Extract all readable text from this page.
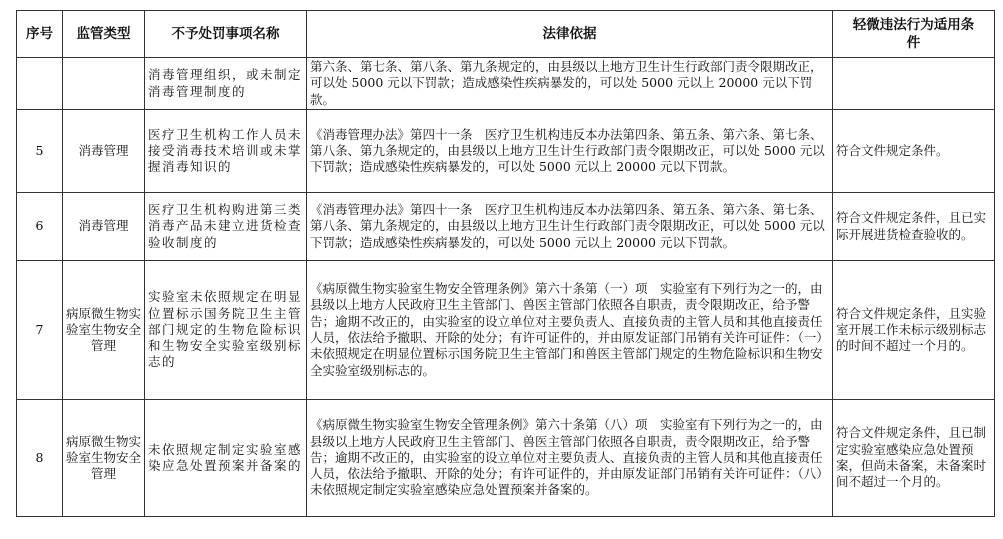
序号	监管类型	不予处罚事项名称	法律依据	轻微违法行为适用条件
		消毒管理组织，或未制定消毒管理制度的	第六条、第七条、第八条、第九条规定的，由县级以上地方卫生计生行政部门责令限期改正，可以处 5000 元以下罚款；造成感染性疾病暴发的，可以处 5000 元以上 20000 元以下罚款。	
5	消毒管理	医疗卫生机构工作人员未接受消毒技术培训或未掌握消毒知识的	《消毒管理办法》第四十一条　医疗卫生机构违反本办法第四条、第五条、第六条、第七条、第八条、第九条规定的，由县级以上地方卫生计生行政部门责令限期改正，可以处 5000 元以下罚款；造成感染性疾病暴发的，可以处 5000 元以上 20000 元以下罚款。	符合文件规定条件。
6	消毒管理	医疗卫生机构购进第三类消毒产品未建立进货检查验收制度的	《消毒管理办法》第四十一条　医疗卫生机构违反本办法第四条、第五条、第六条、第七条、第八条、第九条规定的，由县级以上地方卫生计生行政部门责令限期改正，可以处 5000 元以下罚款；造成感染性疾病暴发的，可以处 5000 元以上 20000 元以下罚款。	符合文件规定条件，且已实际开展进货检查验收的。
7	病原微生物实验室生物安全管理	实验室未依照规定在明显位置标示国务院卫生主管部门规定的生物危险标识和生物安全实验室级别标志的	《病原微生物实验室生物安全管理条例》第六十条第（一）项　实验室有下列行为之一的，由县级以上地方人民政府卫生主管部门、兽医主管部门依照各自职责，责令限期改正，给予警告；逾期不改正的，由实验室的设立单位对主要负责人、直接负责的主管人员和其他直接责任人员，依法给予撤职、开除的处分；有许可证件的，并由原发证部门吊销有关许可证件：（一）未依照规定在明显位置标示国务院卫生主管部门和兽医主管部门规定的生物危险标识和生物安全实验室级别标志的。	符合文件规定条件，且实验室开展工作未标示级别标志的时间不超过一个月的。
8	病原微生物实验室生物安全管理	未依照规定制定实验室感染应急处置预案并备案的	《病原微生物实验室生物安全管理条例》第六十条第（八）项　实验室有下列行为之一的，由县级以上地方人民政府卫生主管部门、兽医主管部门依照各自职责，责令限期改正，给予警告；逾期不改正的，由实验室的设立单位对主要负责人、直接负责的主管人员和其他直接责任人员，依法给予撤职、开除的处分；有许可证件的，并由原发证部门吊销有关许可证件：（八）未依照规定制定实验室感染应急处置预案并备案的。	符合文件规定条件，且已制定实验室感染应急处置预案，但尚未备案，未备案时间不超过一个月的。
